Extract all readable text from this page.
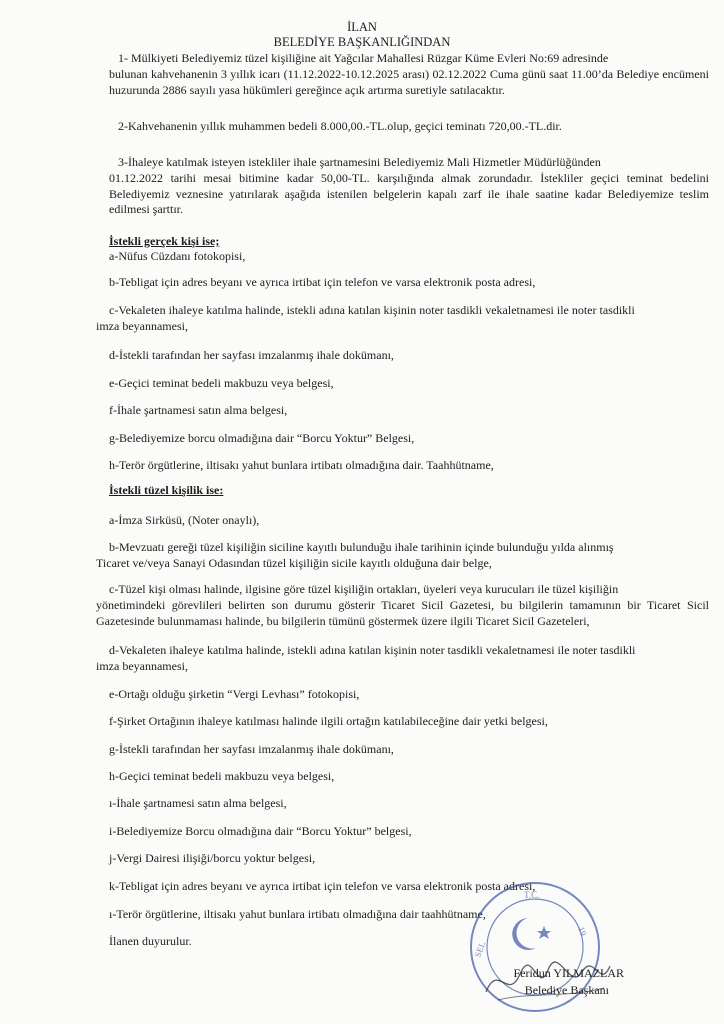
İLAN
BELEDİYE BAŞKANLIĞINDAN
1- Mülkiyeti Belediyemiz tüzel kişiliğine ait Yağcılar Mahallesi Rüzgar Küme Evleri No:69 adresinde
bulunan kahvehanenin 3 yıllık icarı (11.12.2022-10.12.2025 arası) 02.12.2022 Cuma günü saat 11.00’da Belediye encümeni huzurunda 2886 sayılı yasa hükümleri gereğince açık artırma suretiyle satılacaktır.
2-Kahvehanenin yıllık muhammen bedeli 8.000,00.-TL.olup, geçici teminatı 720,00.-TL.dir.
3-İhaleye katılmak isteyen istekliler ihale şartnamesini Belediyemiz Mali Hizmetler Müdürlüğünden
01.12.2022 tarihi mesai bitimine kadar 50,00-TL. karşılığında almak zorundadır. İstekliler geçici teminat bedelini Belediyemiz veznesine yatırılarak aşağıda istenilen belgelerin kapalı zarf ile ihale saatine kadar Belediyemize teslim edilmesi şarttır.
İstekli gerçek kişi ise;
a-Nüfus Cüzdanı fotokopisi,
b-Tebligat için adres beyanı ve ayrıca irtibat için telefon ve varsa elektronik posta adresi,
c-Vekaleten ihaleye katılma halinde, istekli adına katılan kişinin noter tasdikli vekaletnamesi ile noter tasdikli
imza beyannamesi,
d-İstekli tarafından her sayfası imzalanmış ihale dokümanı,
e-Geçici teminat bedeli makbuzu veya belgesi,
f-İhale şartnamesi satın alma belgesi,
g-Belediyemize borcu olmadığına dair “Borcu Yoktur” Belgesi,
h-Terör örgütlerine, iltisakı yahut bunlara irtibatı olmadığına dair. Taahhütname,
İstekli tüzel kişilik ise:
a-İmza Sirküsü, (Noter onaylı),
b-Mevzuatı gereği tüzel kişiliğin siciline kayıtlı bulunduğu ihale tarihinin içinde bulunduğu yılda alınmış
Ticaret ve/veya Sanayi Odasından tüzel kişiliğin sicile kayıtlı olduğuna dair belge,
c-Tüzel kişi olması halinde, ilgisine göre tüzel kişiliğin ortakları, üyeleri veya kurucuları ile tüzel kişiliğin
yönetimindeki görevlileri belirten son durumu gösterir Ticaret Sicil Gazetesi, bu bilgilerin tamamının bir Ticaret Sicil Gazetesinde bulunmaması halinde, bu bilgilerin tümünü göstermek üzere ilgili Ticaret Sicil Gazeteleri,
d-Vekaleten ihaleye katılma halinde, istekli adına katılan kişinin noter tasdikli vekaletnamesi ile noter tasdikli
imza beyannamesi,
e-Ortağı olduğu şirketin “Vergi Levhası” fotokopisi,
f-Şirket Ortağının ihaleye katılması halinde ilgili ortağın katılabileceğine dair yetki belgesi,
g-İstekli tarafından her sayfası imzalanmış ihale dokümanı,
h-Geçici teminat bedeli makbuzu veya belgesi,
ı-İhale şartnamesi satın alma belgesi,
i-Belediyemize Borcu olmadığına dair “Borcu Yoktur” belgesi,
j-Vergi Dairesi ilişiği/borcu yoktur belgesi,
k-Tebligat için adres beyanı ve ayrıca irtibat için telefon ve varsa elektronik posta adresi,
ı-Terör örgütlerine, iltisakı yahut bunlara irtibatı olmadığına dair taahhütname,
İlanen duyurulur.
T.C.
SEL
19
Feridun YILMAZLAR
Belediye Başkanı
